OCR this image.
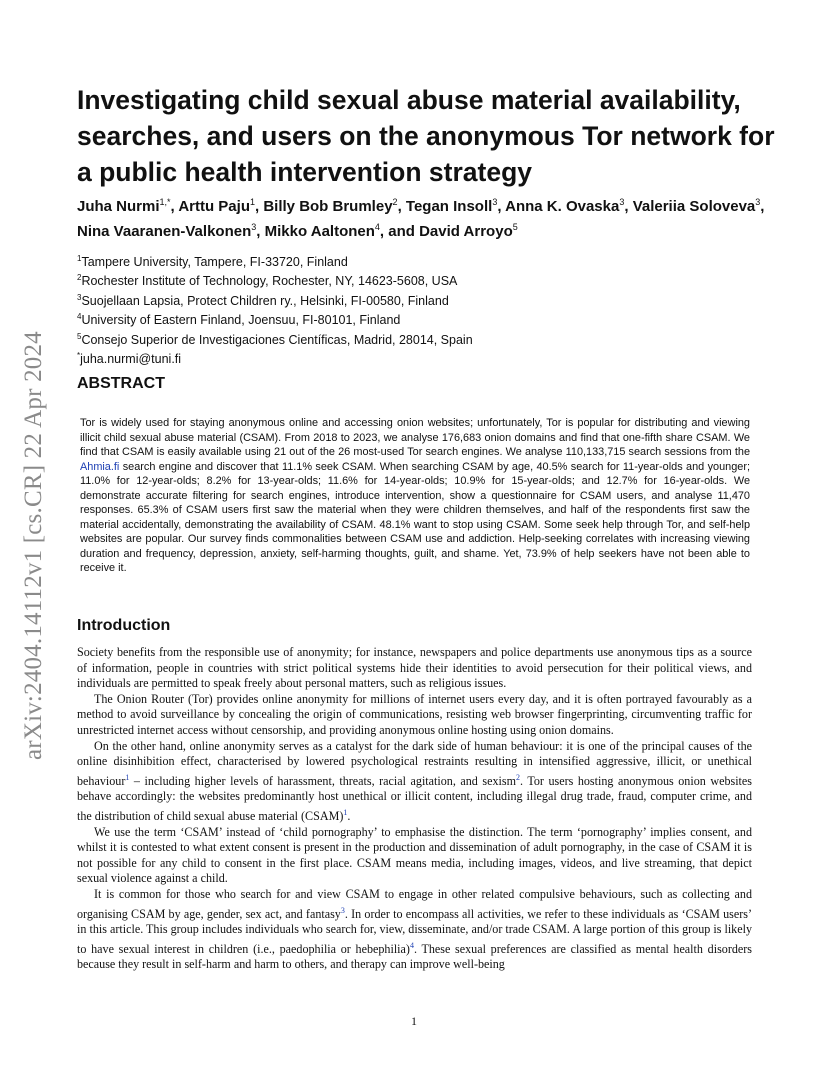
arXiv:2404.14112v1 [cs.CR] 22 Apr 2024
Investigating child sexual abuse material availability, searches, and users on the anonymous Tor network for a public health intervention strategy
Juha Nurmi$^{1,*}$, Arttu Paju$^1$, Billy Bob Brumley$^2$, Tegan Insoll$^3$, Anna K. Ovaska$^3$, Valeriia Soloveva$^3$, Nina Vaaranen-Valkonen$^3$, Mikko Aaltonen$^4$, and David Arroyo$^5$
$^1$Tampere University, Tampere, FI-33720, Finland
$^2$Rochester Institute of Technology, Rochester, NY, 14623-5608, USA
$^3$Suojellaan Lapsia, Protect Children ry., Helsinki, FI-00580, Finland
$^4$University of Eastern Finland, Joensuu, FI-80101, Finland
$^5$Consejo Superior de Investigaciones Científicas, Madrid, 28014, Spain
*juha.nurmi@tuni.fi
ABSTRACT

Tor is widely used for staying anonymous online and accessing onion websites; unfortunately, Tor is popular for distributing and viewing illicit child sexual abuse material (CSAM). From 2018 to 2023, we analyse 176,683 onion domains and find that one-fifth share CSAM. We find that CSAM is easily available using 21 out of the 26 most-used Tor search engines. We analyse 110,133,715 search sessions from the Ahmia.fi search engine and discover that 11.1% seek CSAM. When searching CSAM by age, 40.5% search for 11-year-olds and younger; 11.0% for 12-year-olds; 8.2% for 13-year-olds; 11.6% for 14-year-olds; 10.9% for 15-year-olds; and 12.7% for 16-year-olds. We demonstrate accurate filtering for search engines, introduce intervention, show a questionnaire for CSAM users, and analyse 11,470 responses. 65.3% of CSAM users first saw the material when they were children themselves, and half of the respondents first saw the material accidentally, demonstrating the availability of CSAM. 48.1% want to stop using CSAM. Some seek help through Tor, and self-help websites are popular. Our survey finds commonalities between CSAM use and addiction. Help-seeking correlates with increasing viewing duration and frequency, depression, anxiety, self-harming thoughts, guilt, and shame. Yet, 73.9% of help seekers have not been able to receive it.

Introduction

Society benefits from the responsible use of anonymity; for instance, newspapers and police departments use anonymous tips as a source of information, people in countries with strict political systems hide their identities to avoid persecution for their political views, and individuals are permitted to speak freely about personal matters, such as religious issues.

The Onion Router (Tor) provides online anonymity for millions of internet users every day, and it is often portrayed favourably as a method to avoid surveillance by concealing the origin of communications, resisting web browser fingerprinting, circumventing traffic for unrestricted internet access without censorship, and providing anonymous online hosting using onion domains.

On the other hand, online anonymity serves as a catalyst for the dark side of human behaviour: it is one of the principal causes of the online disinhibition effect, characterised by lowered psychological restraints resulting in intensified aggressive, illicit, or unethical behaviour$^1$ – including higher levels of harassment, threats, racial agitation, and sexism$^2$. Tor users hosting anonymous onion websites behave accordingly: the websites predominantly host unethical or illicit content, including illegal drug trade, fraud, computer crime, and the distribution of child sexual abuse material (CSAM)$^1$.

We use the term ‘CSAM’ instead of ‘child pornography’ to emphasise the distinction. The term ‘pornography’ implies consent, and whilst it is contested to what extent consent is present in the production and dissemination of adult pornography, in the case of CSAM it is not possible for any child to consent in the first place. CSAM means media, including images, videos, and live streaming, that depict sexual violence against a child.

It is common for those who search for and view CSAM to engage in other related compulsive behaviours, such as collecting and organising CSAM by age, gender, sex act, and fantasy$^3$. In order to encompass all activities, we refer to these individuals as ‘CSAM users’ in this article. This group includes individuals who search for, view, disseminate, and/or trade CSAM. A large portion of this group is likely to have sexual interest in children (i.e., paedophilia or hebephilia)$^4$. These sexual preferences are classified as mental health disorders because they result in self-harm and harm to others, and therapy can improve well-being

1
